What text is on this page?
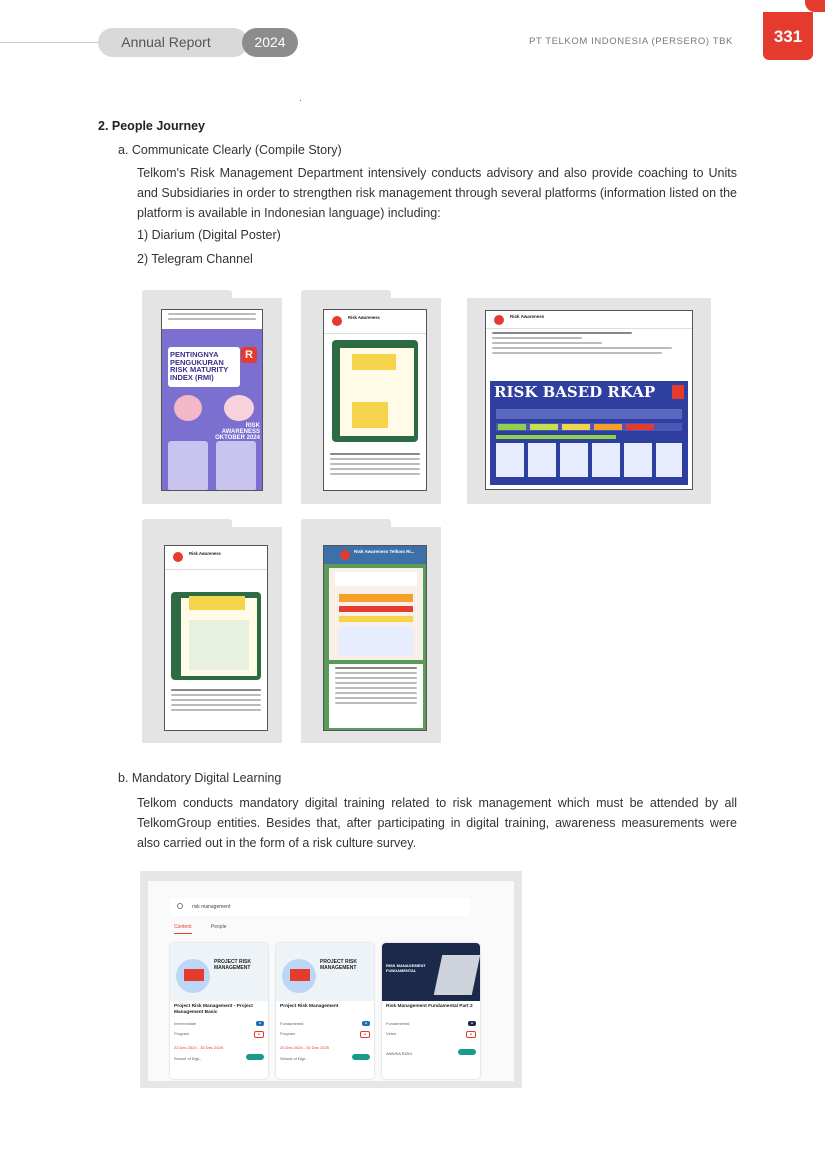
Annual Report	2024	PT TELKOM INDONESIA (PERSERO) TBK	331
2. People Journey
a. Communicate Clearly (Compile Story)
Telkom's Risk Management Department intensively conducts advisory and also provide coaching to Units and Subsidiaries in order to strengthen risk management through several platforms (information listed on the platform is available in Indonesian language) including:
1) Diarium (Digital Poster)
2) Telegram Channel
PENTINGNYA PENGUKURAN RISK MATURITY INDEX (RMI)
R
RISK AWARENESS OKTOBER 2024
Risk Awareness	Risk Awareness
RISK BASED RKAP
Risk Awareness	Risk Awareness Telkom Ri...
b. Mandatory Digital Learning
Telkom conducts mandatory digital training related to risk management which must be attended by all TelkomGroup entities. Besides that, after participating in digital training, awareness measurements were also carried out in the form of a risk culture survey.
risk management
Content	People
PROJECT RISK MANAGEMENT
Project Risk Management - Project Management Basic
Intermediate	●
Program	●
22 Dec 2024 - 30 Dec 2025
School of Digi...
PROJECT RISK MANAGEMENT
Project Risk Management
Fundamental	●
Program	●
20 Dec 2024 - 30 Dec 2025
School of Digi...
RISK MANAGEMENT FUNDAMENTAL
Risk Management Fundamental Part 2
Fundamental	●
Video	●
ANNISA RIZKI
